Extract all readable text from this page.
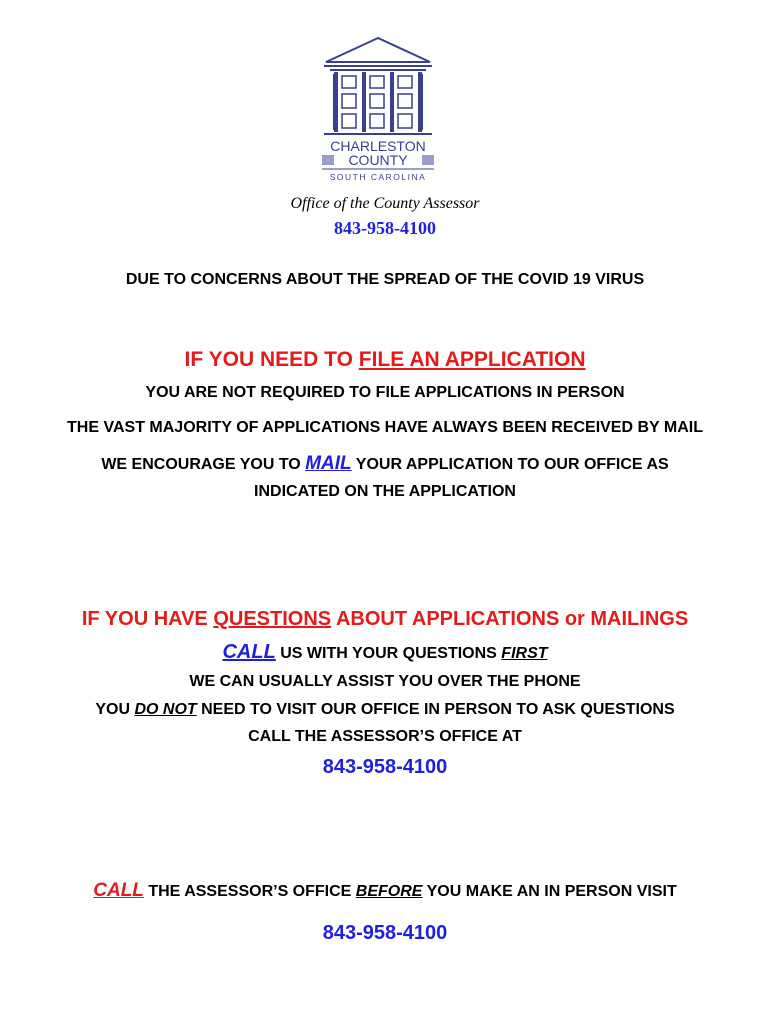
CHARLESTON
COUNTY
SOUTH CAROLINA
Office of the County Assessor
843-958-4100
DUE TO CONCERNS ABOUT THE SPREAD OF THE COVID 19 VIRUS
IF YOU NEED TO FILE AN APPLICATION
YOU ARE NOT REQUIRED TO FILE APPLICATIONS IN PERSON
THE VAST MAJORITY OF APPLICATIONS HAVE ALWAYS BEEN RECEIVED BY MAIL
WE ENCOURAGE YOU TO MAIL YOUR APPLICATION TO OUR OFFICE AS
INDICATED ON THE APPLICATION
IF YOU HAVE QUESTIONS ABOUT APPLICATIONS or MAILINGS
CALL US WITH YOUR QUESTIONS FIRST
WE CAN USUALLY ASSIST YOU OVER THE PHONE
YOU DO NOT NEED TO VISIT OUR OFFICE IN PERSON TO ASK QUESTIONS
CALL THE ASSESSOR’S OFFICE AT
843-958-4100
CALL THE ASSESSOR’S OFFICE BEFORE YOU MAKE AN IN PERSON VISIT
843-958-4100
